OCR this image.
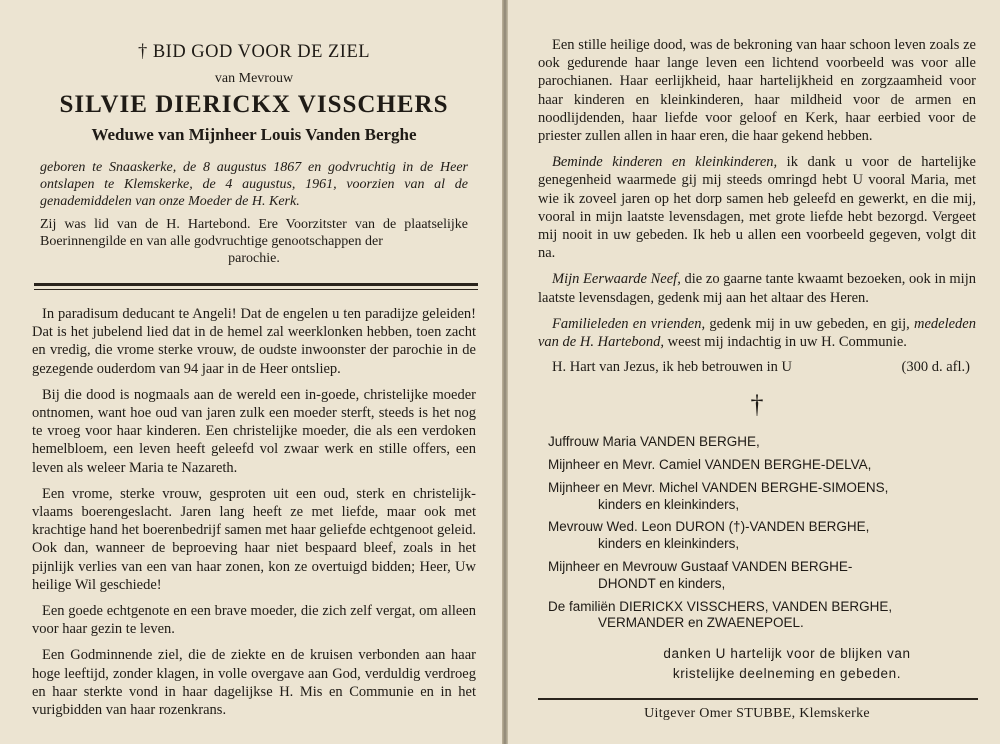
† BID GOD VOOR DE ZIEL
van Mevrouw
SILVIE DIERICKX VISSCHERS
Weduwe van Mijnheer Louis Vanden Berghe
geboren te Snaaskerke, de 8 augustus 1867 en godvruchtig in de Heer ontslapen te Klemskerke, de 4 augustus, 1961, voorzien van al de genademiddelen van onze Moeder de H. Kerk.
Zij was lid van de H. Hartebond. Ere Voorzitster van de plaatselijke Boerinnengilde en van alle godvruchtige genootschappen der
parochie.

In paradisum deducant te Angeli! Dat de engelen u ten paradijze geleiden! Dat is het jubelend lied dat in de hemel zal weerklonken hebben, toen zacht en vredig, die vrome sterke vrouw, de oudste inwoonster der parochie in de gezegende ouderdom van 94 jaar in de Heer ontsliep.

Bij die dood is nogmaals aan de wereld een in-goede, christelijke moeder ontnomen, want hoe oud van jaren zulk een moeder sterft, steeds is het nog te vroeg voor haar kinderen. Een christelijke moeder, die als een verdoken hemelbloem, een leven heeft geleefd vol zwaar werk en stille offers, een leven als weleer Maria te Nazareth.

Een vrome, sterke vrouw, gesproten uit een oud, sterk en christelijk-vlaams boerengeslacht. Jaren lang heeft ze met liefde, maar ook met krachtige hand het boerenbedrijf samen met haar geliefde echtgenoot geleid. Ook dan, wanneer de beproeving haar niet bespaard bleef, zoals in het pijnlijk verlies van een van haar zonen, kon ze overtuigd bidden; Heer, Uw heilige Wil geschiede!

Een goede echtgenote en een brave moeder, die zich zelf vergat, om alleen voor haar gezin te leven.

Een Godminnende ziel, die de ziekte en de kruisen verbonden aan haar hoge leeftijd, zonder klagen, in volle overgave aan God, verduldig verdroeg en haar sterkte vond in haar dagelijkse H. Mis en Communie en in het vurigbidden van haar rozenkrans.

Een stille heilige dood, was de bekroning van haar schoon leven zoals ze ook gedurende haar lange leven een lichtend voorbeeld was voor alle parochianen. Haar eerlijkheid, haar hartelijkheid en zorgzaamheid voor haar kinderen en kleinkinderen, haar mildheid voor de armen en noodlijdenden, haar liefde voor geloof en Kerk, haar eerbied voor de priester zullen allen in haar eren, die haar gekend hebben.

Beminde kinderen en kleinkinderen, ik dank u voor de hartelijke genegenheid waarmede gij mij steeds omringd hebt U vooral Maria, met wie ik zoveel jaren op het dorp samen heb geleefd en gewerkt, en die mij, vooral in mijn laatste levensdagen, met grote liefde hebt bezorgd. Vergeet mij nooit in uw gebeden. Ik heb u allen een voorbeeld gegeven, volgt dit na.

Mijn Eerwaarde Neef, die zo gaarne tante kwaamt bezoeken, ook in mijn laatste levensdagen, gedenk mij aan het altaar des Heren.

Familieleden en vrienden, gedenk mij in uw gebeden, en gij, medeleden van de H. Hartebond, weest mij indachtig in uw H. Communie.

H. Hart van Jezus, ik heb betrouwen in U	(300 d. afl.)
†
Juffrouw Maria VANDEN BERGHE,
Mijnheer en Mevr. Camiel VANDEN BERGHE-DELVA,
Mijnheer en Mevr. Michel VANDEN BERGHE-SIMOENS,
kinders en kleinkinders,
Mevrouw Wed. Leon DURON (†)-VANDEN BERGHE,
kinders en kleinkinders,
Mijnheer en Mevrouw Gustaaf VANDEN BERGHE-
DHONDT en kinders,
De familiën DIERICKX VISSCHERS, VANDEN BERGHE,
VERMANDER en ZWAENEPOEL.
danken U hartelijk voor de blijken van
kristelijke deelneming en gebeden.
Uitgever Omer STUBBE, Klemskerke
